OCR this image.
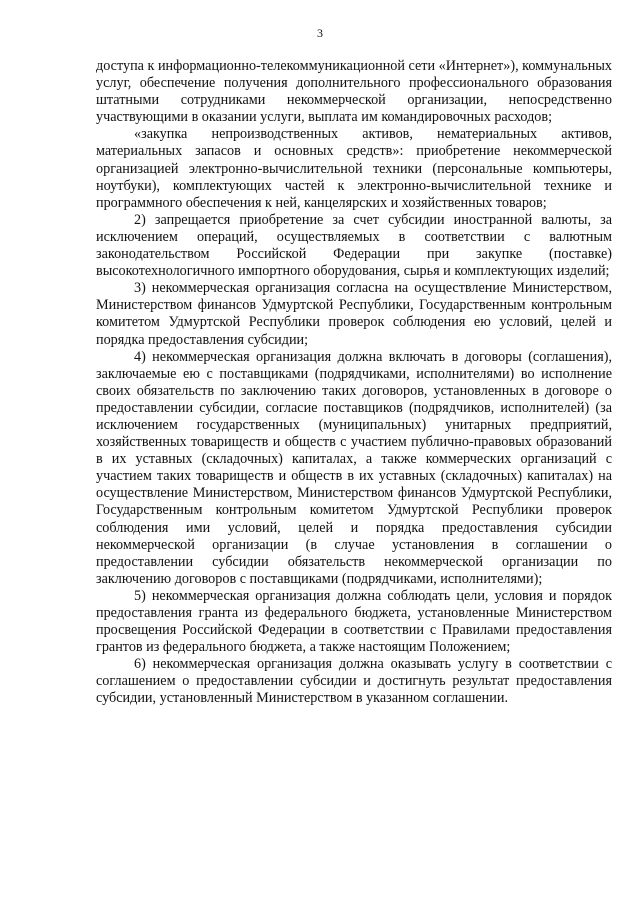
3

доступа к информационно-телекоммуникационной сети «Интернет»), коммунальных услуг, обеспечение получения дополнительного профессионального образования штатными сотрудниками некоммерческой организации, непосредственно участвующими в оказании услуги, выплата им командировочных расходов;

«закупка непроизводственных активов, нематериальных активов, материальных запасов и основных средств»: приобретение некоммерческой организацией электронно-вычислительной техники (персональные компьютеры, ноутбуки), комплектующих частей к электронно-вычислительной технике и программного обеспечения к ней, канцелярских и хозяйственных товаров;

2) запрещается приобретение за счет субсидии иностранной валюты, за исключением операций, осуществляемых в соответствии с валютным законодательством Российской Федерации при закупке (поставке) высокотехнологичного импортного оборудования, сырья и комплектующих изделий;

3) некоммерческая организация согласна на осуществление Министерством, Министерством финансов Удмуртской Республики, Государственным контрольным комитетом Удмуртской Республики проверок соблюдения ею условий, целей и порядка предоставления субсидии;

4) некоммерческая организация должна включать в договоры (соглашения), заключаемые ею с поставщиками (подрядчиками, исполнителями) во исполнение своих обязательств по заключению таких договоров, установленных в договоре о предоставлении субсидии, согласие поставщиков (подрядчиков, исполнителей) (за исключением государственных (муниципальных) унитарных предприятий, хозяйственных товариществ и обществ с участием публично-правовых образований в их уставных (складочных) капиталах, а также коммерческих организаций с участием таких товариществ и обществ в их уставных (складочных) капиталах) на осуществление Министерством, Министерством финансов Удмуртской Республики, Государственным контрольным комитетом Удмуртской Республики проверок соблюдения ими условий, целей и порядка предоставления субсидии некоммерческой организации (в случае установления в соглашении о предоставлении субсидии обязательств некоммерческой организации по заключению договоров с поставщиками (подрядчиками, исполнителями);

5) некоммерческая организация должна соблюдать цели, условия и порядок предоставления гранта из федерального бюджета, установленные Министерством просвещения Российской Федерации в соответствии с Правилами предоставления грантов из федерального бюджета, а также настоящим Положением;

6) некоммерческая организация должна оказывать услугу в соответствии с соглашением о предоставлении субсидии и достигнуть результат предоставления субсидии, установленный Министерством в указанном соглашении.
